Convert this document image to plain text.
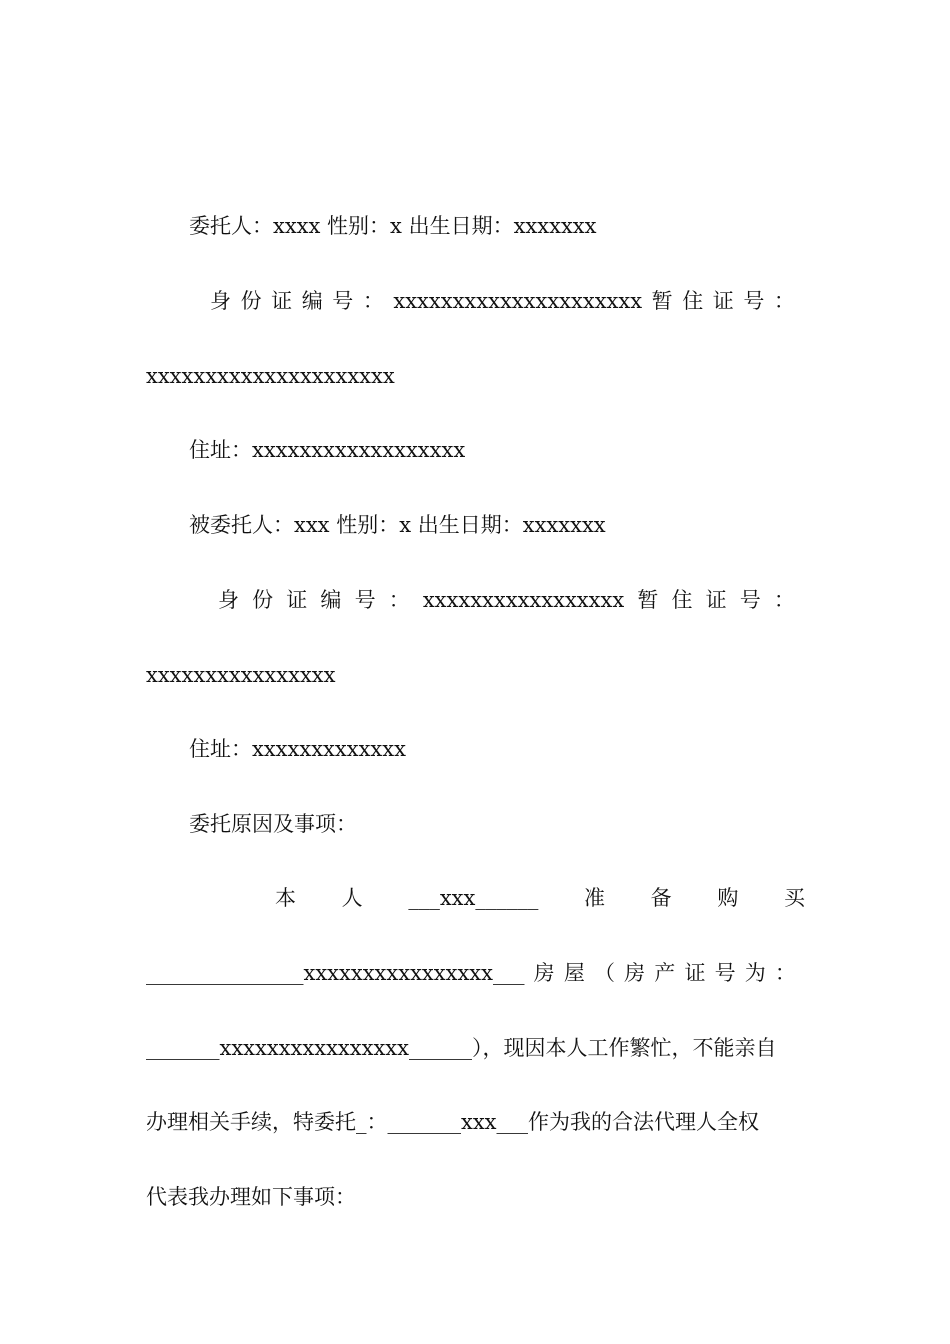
委托人：xxxx 性别：x 出生日期：xxxxxxx
身 份 证 编 号 ： xxxxxxxxxxxxxxxxxxxxx 暂 住 证 号 ：
xxxxxxxxxxxxxxxxxxxxx
住址：xxxxxxxxxxxxxxxxxx
被委托人：xxx 性别：x 出生日期：xxxxxxx
身 份 证 编 号 ： xxxxxxxxxxxxxxxxx 暂 住 证 号 ：
xxxxxxxxxxxxxxxx
住址：xxxxxxxxxxxxx
委托原因及事项：
本 人 ___xxx______ 准 备 购 买
_______________xxxxxxxxxxxxxxxx___ 房 屋 （ 房 产 证 号 为 ：
_______xxxxxxxxxxxxxxxx______），现因本人工作繁忙，不能亲自
办理相关手续，特委托_：_______xxx___作为我的合法代理人全权
代表我办理如下事项：
